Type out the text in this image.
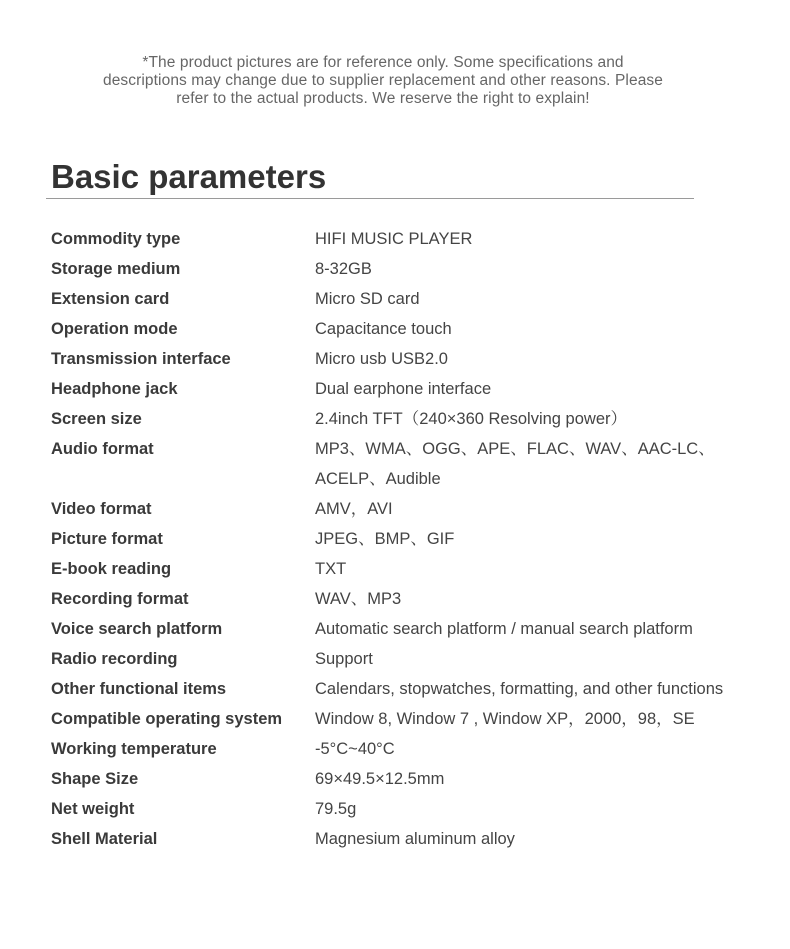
*The product pictures are for reference only. Some specifications and
descriptions may change due to supplier replacement and other reasons. Please
refer to the actual products. We reserve the right to explain!
Basic parameters
Commodity type	HIFI MUSIC PLAYER
Storage medium	8-32GB
Extension card	Micro SD card
Operation mode	Capacitance touch
Transmission interface	Micro usb USB2.0
Headphone jack	Dual earphone interface
Screen size	2.4inch TFT（240×360 Resolving power）
Audio format	MP3、WMA、OGG、APE、FLAC、WAV、AAC-LC、
ACELP、Audible
Video format	AMV，AVI
Picture format	JPEG、BMP、GIF
E-book reading	TXT
Recording format	WAV、MP3
Voice search platform	Automatic search platform / manual search platform
Radio recording	Support
Other functional items	Calendars, stopwatches, formatting, and other functions
Compatible operating system	Window 8, Window 7 , Window XP，2000，98，SE
Working temperature	-5°C~40°C
Shape Size	69×49.5×12.5mm
Net weight	79.5g
Shell Material	Magnesium aluminum alloy
